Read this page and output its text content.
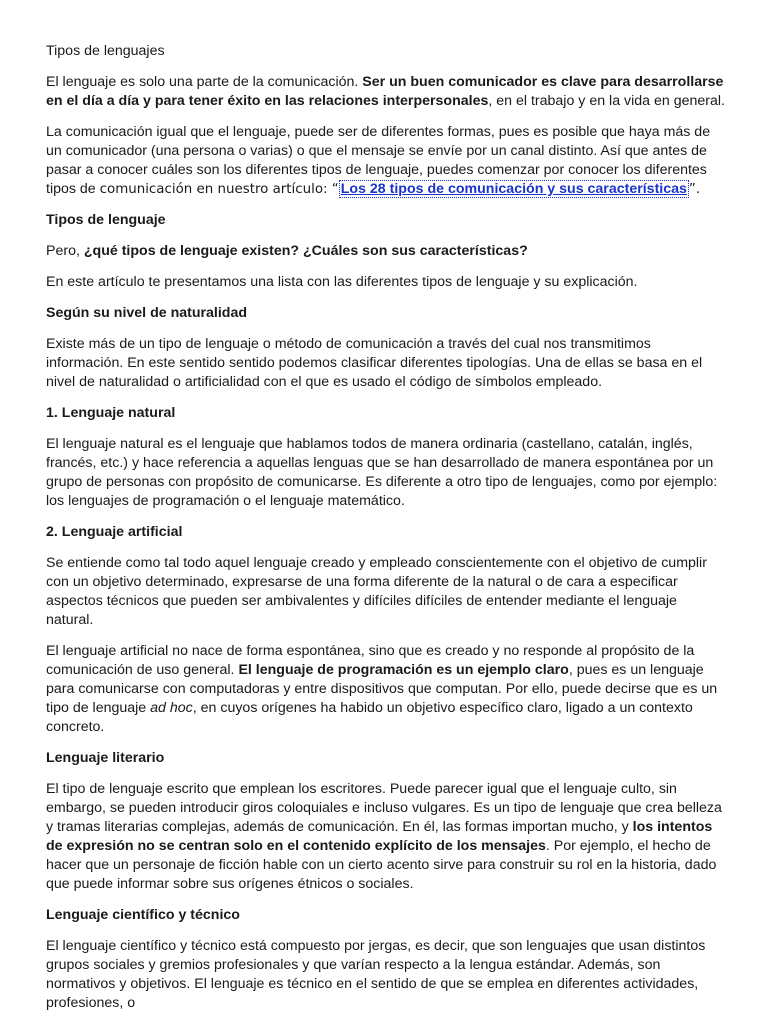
Tipos de lenguajes

El lenguaje es solo una parte de la comunicación. Ser un buen comunicador es clave para desarrollarse en el día a día y para tener éxito en las relaciones interpersonales, en el trabajo y en la vida en general.

La comunicación igual que el lenguaje, puede ser de diferentes formas, pues es posible que haya más de un comunicador (una persona o varias) o que el mensaje se envíe por un canal distinto. Así que antes de pasar a conocer cuáles son los diferentes tipos de lenguaje, puedes comenzar por conocer los diferentes tipos de comunicación en nuestro artículo: “ Los 28 tipos de comunicación y sus características ”.

Tipos de lenguaje

Pero, ¿qué tipos de lenguaje existen? ¿Cuáles son sus características?

En este artículo te presentamos una lista con las diferentes tipos de lenguaje y su explicación.

Según su nivel de naturalidad

Existe más de un tipo de lenguaje o método de comunicación a través del cual nos transmitimos información. En este sentido sentido podemos clasificar diferentes tipologías. Una de ellas se basa en el nivel de naturalidad o artificialidad con el que es usado el código de símbolos empleado.

1. Lenguaje natural

El lenguaje natural es el lenguaje que hablamos todos de manera ordinaria (castellano, catalán, inglés, francés, etc.) y hace referencia a aquellas lenguas que se han desarrollado de manera espontánea por un grupo de personas con propósito de comunicarse. Es diferente a otro tipo de lenguajes, como por ejemplo: los lenguajes de programación o el lenguaje matemático.

2. Lenguaje artificial

Se entiende como tal todo aquel lenguaje creado y empleado conscientemente con el objetivo de cumplir con un objetivo determinado, expresarse de una forma diferente de la natural o de cara a especificar aspectos técnicos que pueden ser ambivalentes y difíciles difíciles de entender mediante el lenguaje natural.

El lenguaje artificial no nace de forma espontánea, sino que es creado y no responde al propósito de la comunicación de uso general. El lenguaje de programación es un ejemplo claro, pues es un lenguaje para comunicarse con computadoras y entre dispositivos que computan. Por ello, puede decirse que es un tipo de lenguaje ad hoc, en cuyos orígenes ha habido un objetivo específico claro, ligado a un contexto concreto.

Lenguaje literario

El tipo de lenguaje escrito que emplean los escritores. Puede parecer igual que el lenguaje culto, sin embargo, se pueden introducir giros coloquiales e incluso vulgares. Es un tipo de lenguaje que crea belleza y tramas literarias complejas, además de comunicación. En él, las formas importan mucho, y los intentos de expresión no se centran solo en el contenido explícito de los mensajes. Por ejemplo, el hecho de hacer que un personaje de ficción hable con un cierto acento sirve para construir su rol en la historia, dado que puede informar sobre sus orígenes étnicos o sociales.

Lenguaje científico y técnico

El lenguaje científico y técnico está compuesto por jergas, es decir, que son lenguajes que usan distintos grupos sociales y gremios profesionales y que varían respecto a la lengua estándar. Además, son normativos y objetivos. El lenguaje es técnico en el sentido de que se emplea en diferentes actividades, profesiones, o
